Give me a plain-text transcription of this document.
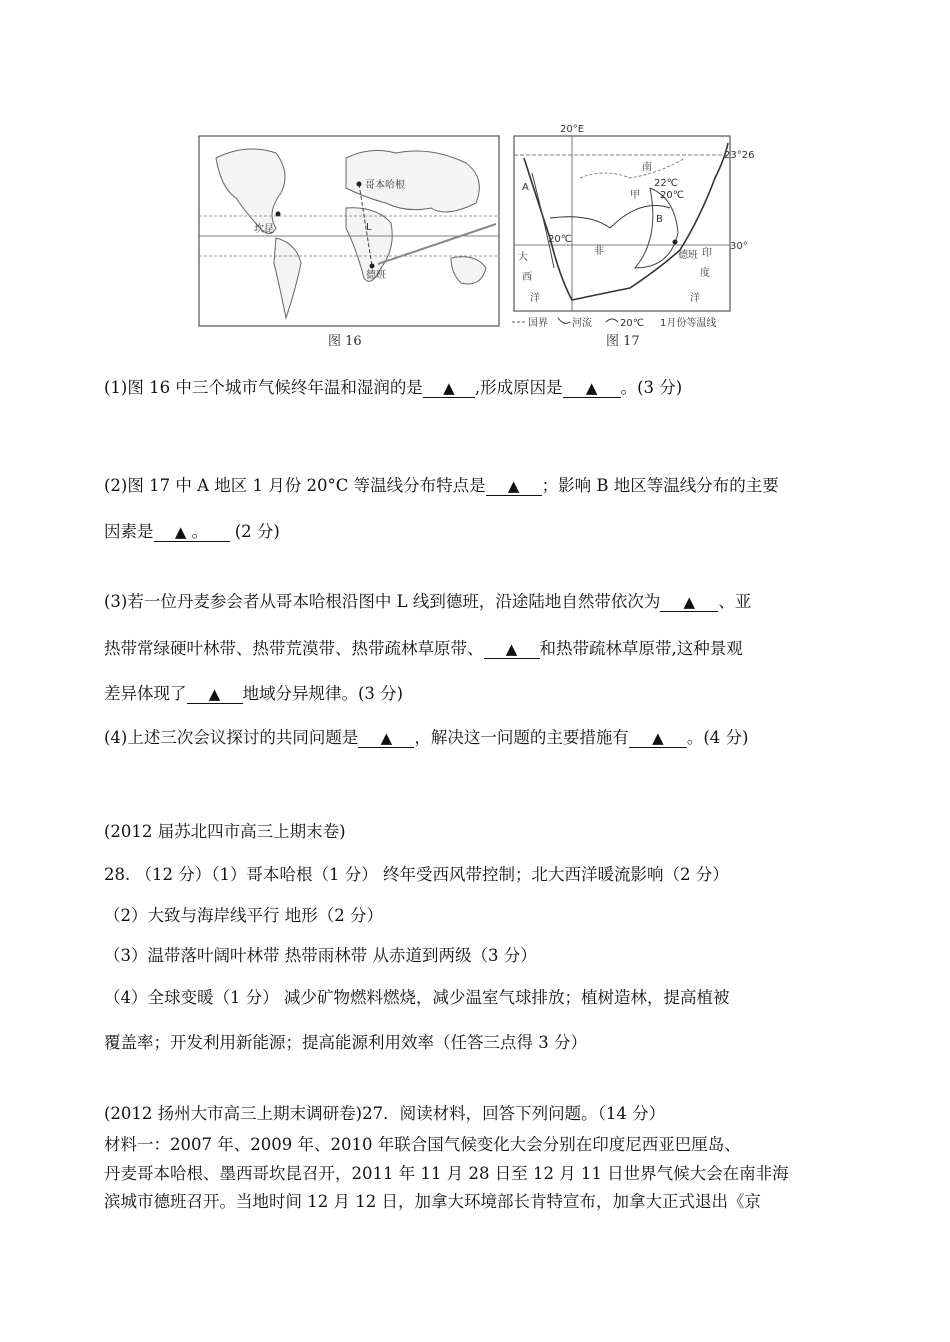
哥本哈根
坎昆
德班
L
图 16
20°E
23°26
30°
南
甲
A
B
22℃
20℃
20℃
德班
大
西
洋
非	印
度
洋
国界 河流	20℃ 1月份等温线
图 17
(1)图 16 中三个城市气候终年温和湿润的是 ▲ ,形成原因是 ▲ 。(3 分)
(2)图 17 中 A 地区 1 月份 20°C 等温线分布特点是 ▲ ；影响 B 地区等温线分布的主要
因素是 ▲ 。 (2 分)
(3)若一位丹麦参会者从哥本哈根沿图中 L 线到德班，沿途陆地自然带依次为 ▲ 、亚
热带常绿硬叶林带、热带荒漠带、热带疏林草原带、 ▲ 和热带疏林草原带,这种景观
差异体现了 ▲ 地域分异规律。(3 分)
(4)上述三次会议探讨的共同问题是 ▲ ，解决这一问题的主要措施有 ▲ 。(4 分)
(2012 届苏北四市高三上期末卷)
28. （12 分）（1）哥本哈根（1 分） 终年受西风带控制；北大西洋暖流影响（2 分）
（2）大致与海岸线平行 地形（2 分）
（3）温带落叶阔叶林带 热带雨林带 从赤道到两级（3 分）
（4）全球变暖（1 分） 减少矿物燃料燃烧，减少温室气球排放；植树造林，提高植被
覆盖率；开发利用新能源；提高能源利用效率（任答三点得 3 分）
(2012 扬州大市高三上期末调研卷)27．阅读材料，回答下列问题。（14 分）
材料一：2007 年、2009 年、2010 年联合国气候变化大会分别在印度尼西亚巴厘岛、
丹麦哥本哈根、墨西哥坎昆召开，2011 年 11 月 28 日至 12 月 11 日世界气候大会在南非海
滨城市德班召开。当地时间 12 月 12 日，加拿大环境部长肯特宣布，加拿大正式退出《京
